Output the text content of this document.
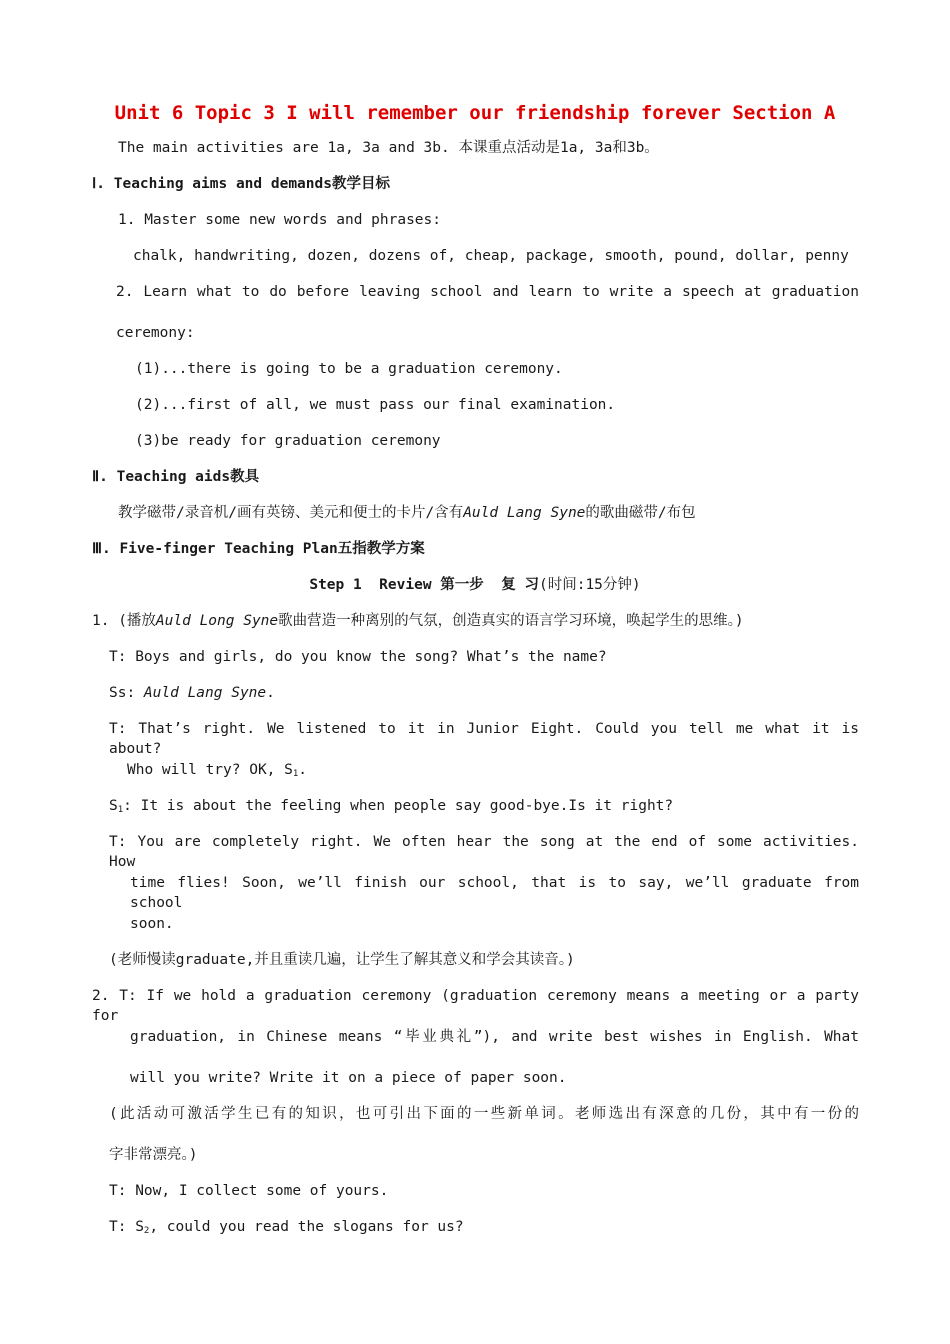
Unit 6 Topic 3 I will remember our friendship forever Section A
The main activities are 1a, 3a and 3b. 本课重点活动是1a, 3a和3b。
Ⅰ. Teaching aims and demands教学目标
1. Master some new words and phrases:
chalk, handwriting, dozen, dozens of, cheap, package, smooth, pound, dollar, penny
2. Learn what to do before leaving school and learn to write a speech at graduation
ceremony:
(1)...there is going to be a graduation ceremony.
(2)...first of all, we must pass our final examination.
(3)be ready for graduation ceremony
Ⅱ. Teaching aids教具
教学磁带/录音机/画有英镑、美元和便士的卡片/含有Auld Lang Syne的歌曲磁带/布包
Ⅲ. Five-finger Teaching Plan五指教学方案
Step 1  Review 第一步  复 习(时间:15分钟)
1. (播放Auld Long Syne歌曲营造一种离别的气氛，创造真实的语言学习环境，唤起学生的思维。)
T: Boys and girls, do you know the song? What’s the name?
Ss: Auld Lang Syne.
T: That’s right. We listened to it in Junior Eight. Could you tell me what it is about?
Who will try? OK, $S_1$.
$S_1$: It is about the feeling when people say good-bye.Is it right?
T: You are completely right. We often hear the song at the end of some activities. How
time flies! Soon, we’ll finish our school, that is to say, we’ll graduate from school
soon.
(老师慢读graduate,并且重读几遍，让学生了解其意义和学会其读音。)
2. T: If we hold a graduation ceremony (graduation ceremony means a meeting or a party for
graduation, in Chinese means “毕业典礼”), and write best wishes in English. What
will you write? Write it on a piece of paper soon.
(此活动可激活学生已有的知识，也可引出下面的一些新单词。老师选出有深意的几份，其中有一份的
字非常漂亮。)
T: Now, I collect some of yours.
T: $S_2$, could you read the slogans for us?
